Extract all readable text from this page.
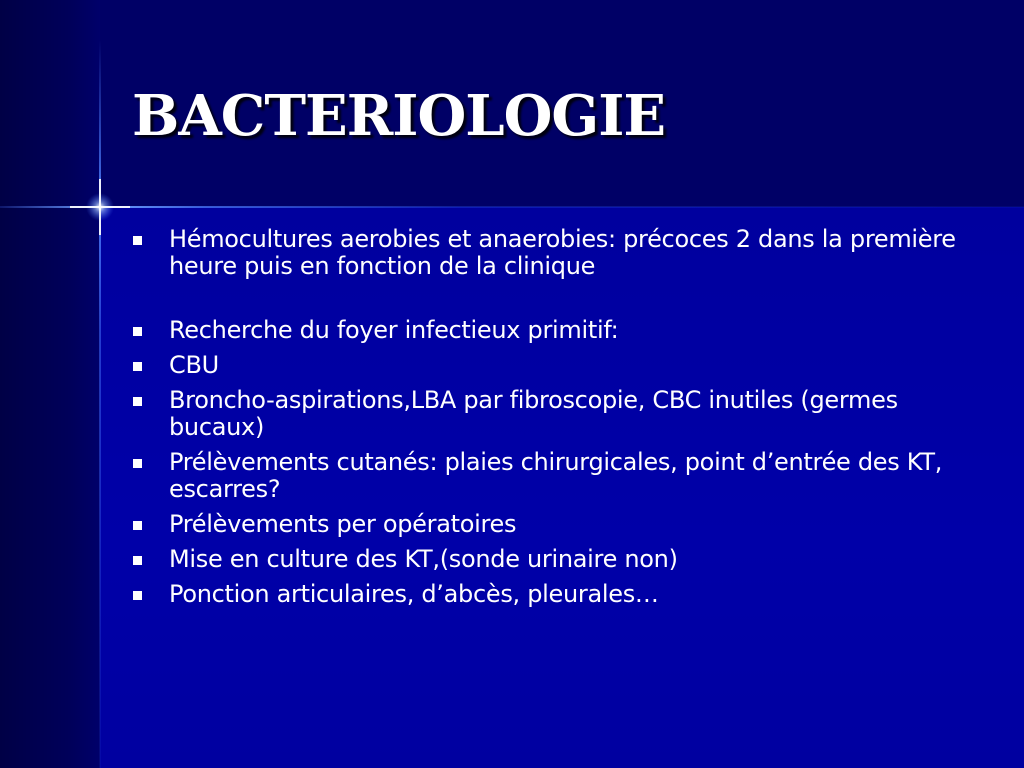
BACTERIOLOGIE
Hémocultures aerobies et anaerobies: précoces 2 dans la première heure puis en fonction de la clinique
Recherche du foyer infectieux primitif:
CBU
Broncho-aspirations,LBA par fibroscopie, CBC inutiles (germes bucaux)
Prélèvements cutanés: plaies chirurgicales, point d’entrée des KT, escarres?
Prélèvements per opératoires
Mise en culture des KT,(sonde urinaire non)
Ponction articulaires, d’abcès, pleurales…
